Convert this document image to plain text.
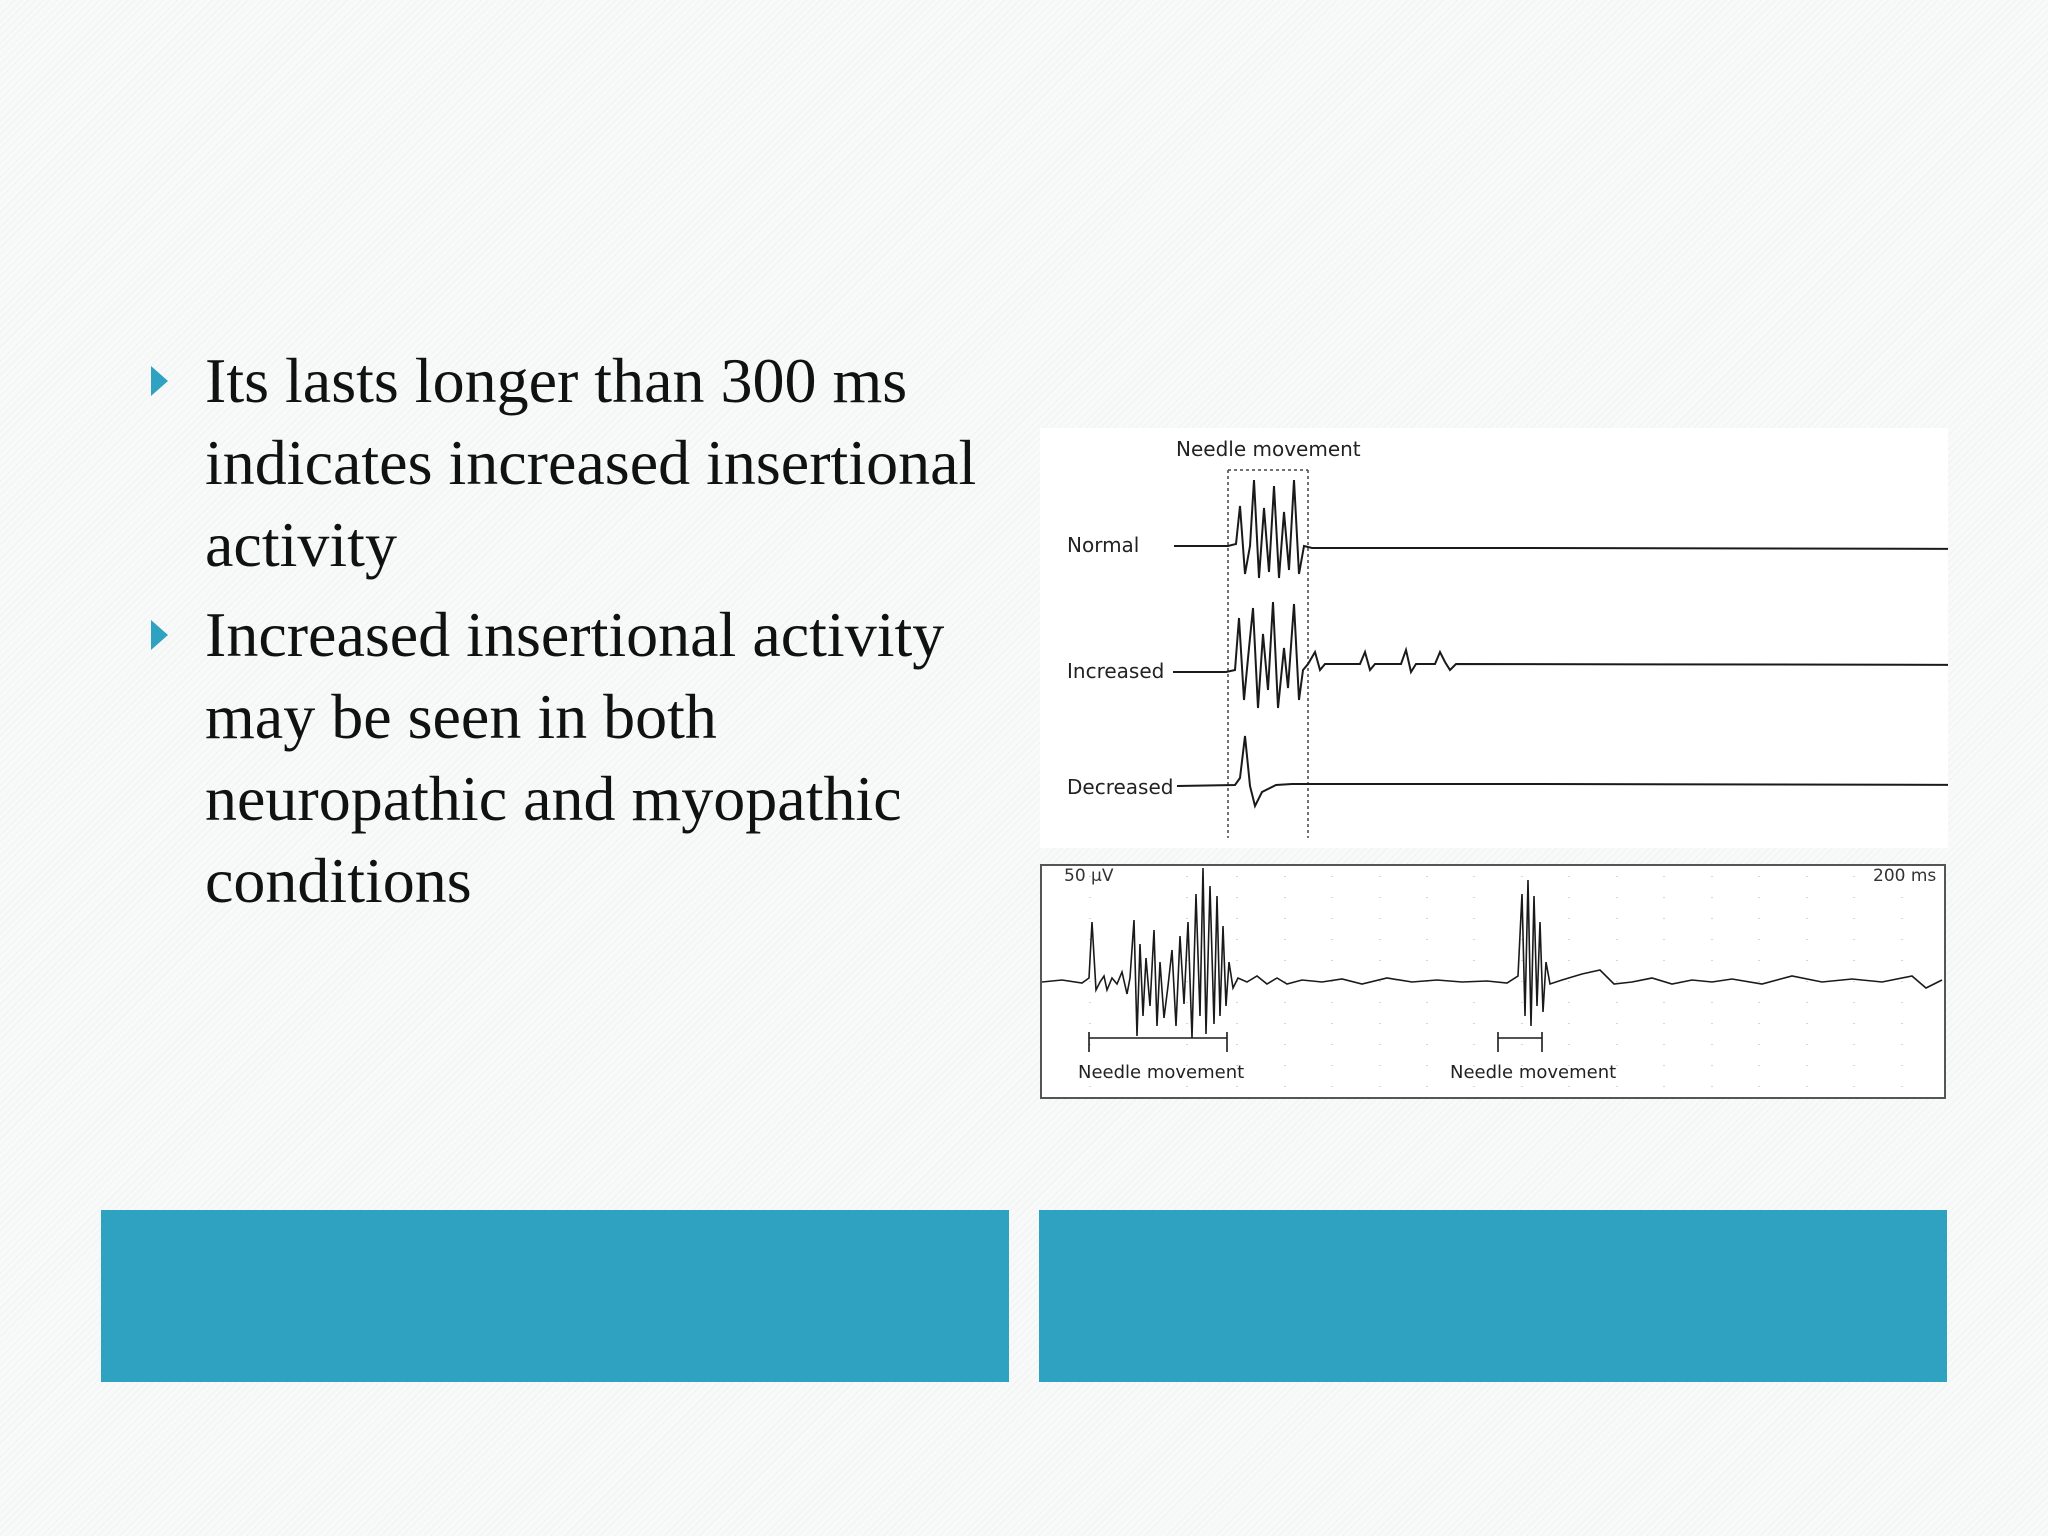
Its lasts longer than 300 ms indicates increased insertional activity
Increased insertional activity may be seen in both neuropathic and myopathic conditions
Needle movement
Normal
Increased
Decreased
50 μV	200 ms
Needle movement	Needle movement
